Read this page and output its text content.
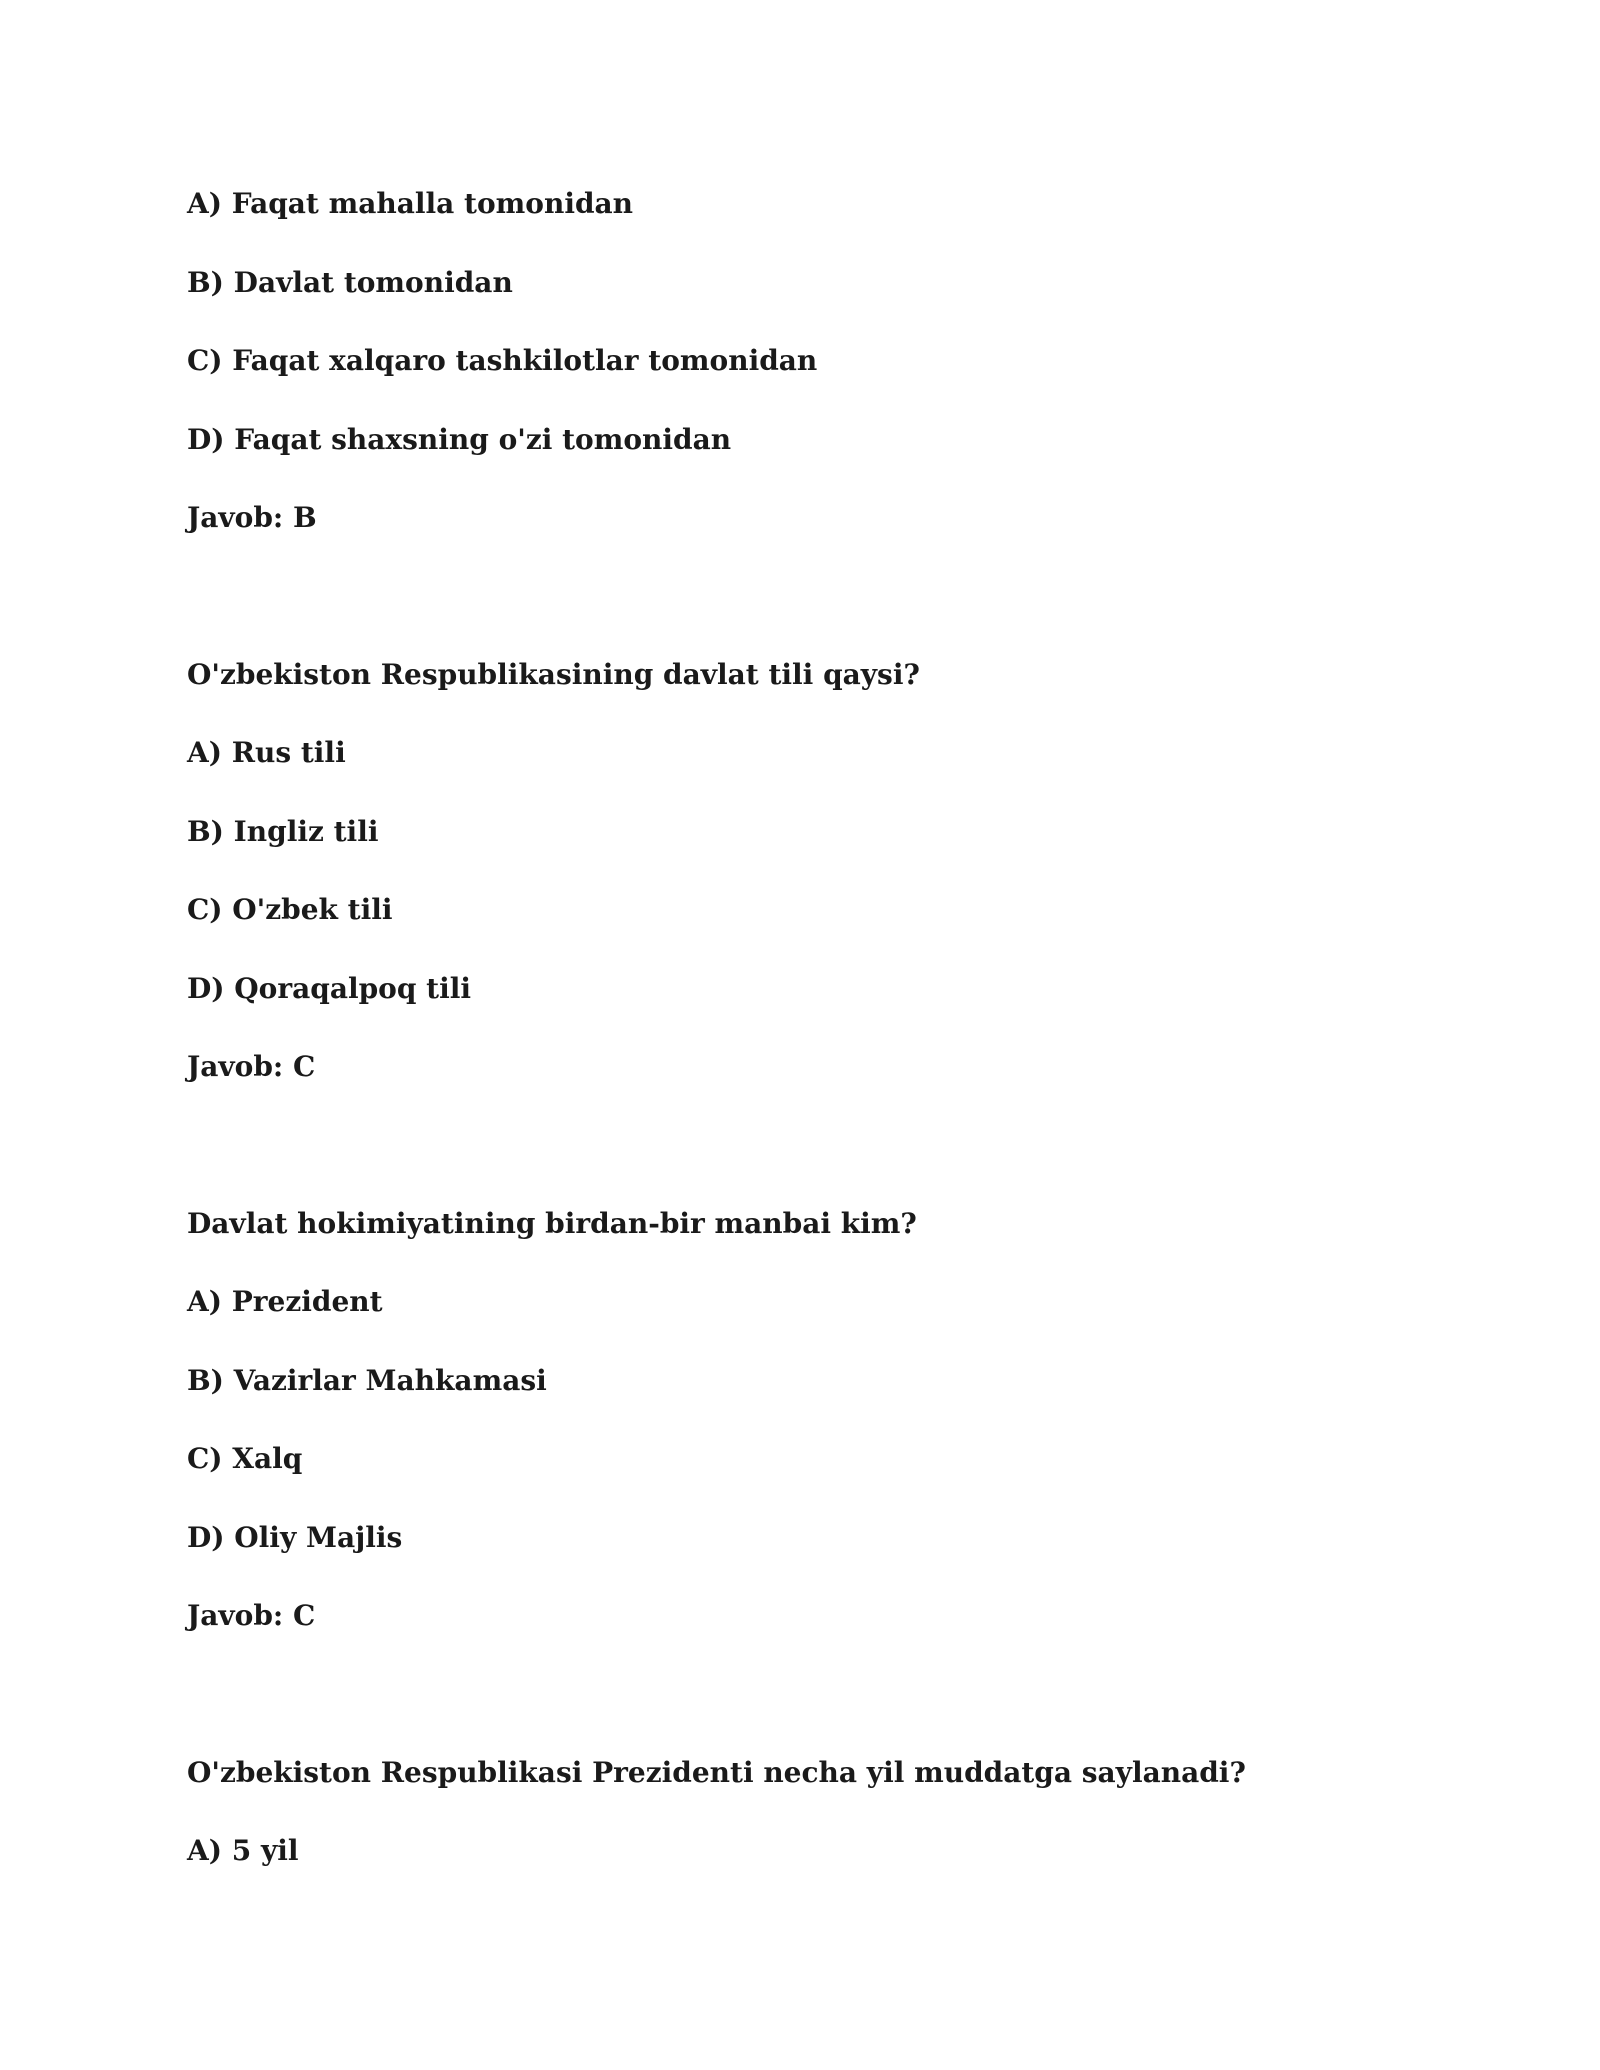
A) Faqat mahalla tomonidan

B) Davlat tomonidan

C) Faqat xalqaro tashkilotlar tomonidan

D) Faqat shaxsning o'zi tomonidan

Javob: B

O'zbekiston Respublikasining davlat tili qaysi?

A) Rus tili

B) Ingliz tili

C) O'zbek tili

D) Qoraqalpoq tili

Javob: C

Davlat hokimiyatining birdan-bir manbai kim?

A) Prezident

B) Vazirlar Mahkamasi

C) Xalq

D) Oliy Majlis

Javob: C

O'zbekiston Respublikasi Prezidenti necha yil muddatga saylanadi?

A) 5 yil
